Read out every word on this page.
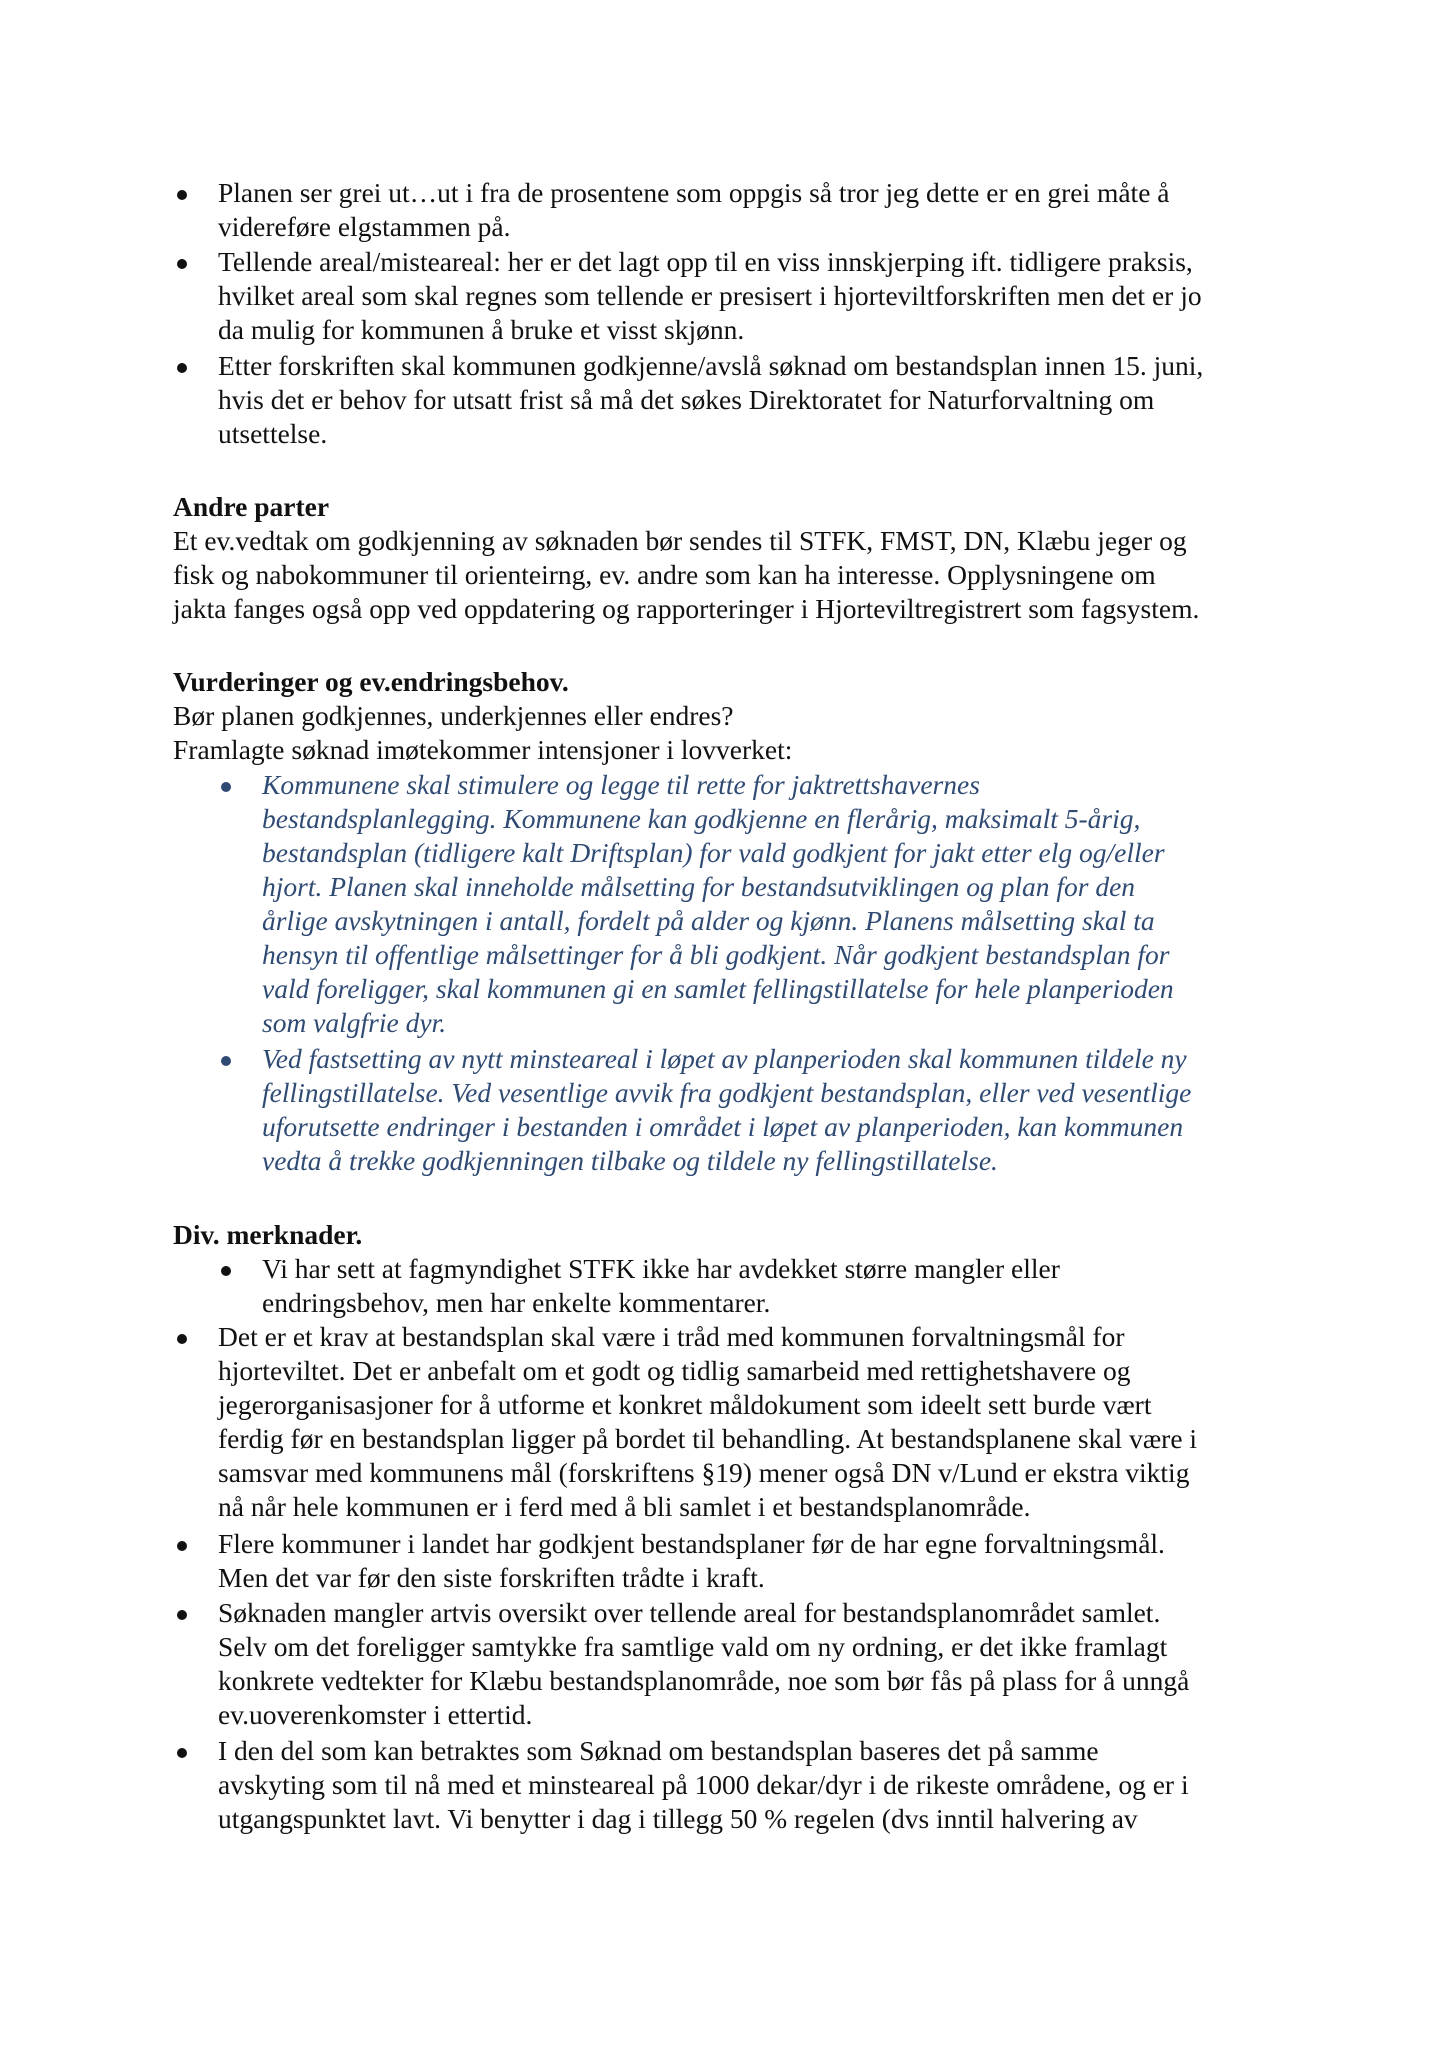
Planen ser grei ut…ut i fra de prosentene som oppgis så tror jeg dette er en grei måte å
videreføre elgstammen på.
Tellende areal/misteareal: her er det lagt opp til en viss innskjerping ift. tidligere praksis,
hvilket areal som skal regnes som tellende er presisert i hjorteviltforskriften men det er jo
da mulig for kommunen å bruke et visst skjønn.
Etter forskriften skal kommunen godkjenne/avslå søknad om bestandsplan innen 15. juni,
hvis det er behov for utsatt frist så må det søkes Direktoratet for Naturforvaltning om
utsettelse.
Andre parter
Et ev.vedtak om godkjenning av søknaden bør sendes til STFK, FMST, DN, Klæbu jeger og
fisk og nabokommuner til orienteirng, ev. andre som kan ha interesse. Opplysningene om
jakta fanges også opp ved oppdatering og rapporteringer i Hjorteviltregistrert som fagsystem.
Vurderinger og ev.endringsbehov.
Bør planen godkjennes, underkjennes eller endres?
Framlagte søknad imøtekommer intensjoner i lovverket:
Kommunene skal stimulere og legge til rette for jaktrettshavernes
bestandsplanlegging. Kommunene kan godkjenne en flerårig, maksimalt 5-årig,
bestandsplan (tidligere kalt Driftsplan) for vald godkjent for jakt etter elg og/eller
hjort. Planen skal inneholde målsetting for bestandsutviklingen og plan for den
årlige avskytningen i antall, fordelt på alder og kjønn. Planens målsetting skal ta
hensyn til offentlige målsettinger for å bli godkjent. Når godkjent bestandsplan for
vald foreligger, skal kommunen gi en samlet fellingstillatelse for hele planperioden
som valgfrie dyr.
Ved fastsetting av nytt minsteareal i løpet av planperioden skal kommunen tildele ny
fellingstillatelse. Ved vesentlige avvik fra godkjent bestandsplan, eller ved vesentlige
uforutsette endringer i bestanden i området i løpet av planperioden, kan kommunen
vedta å trekke godkjenningen tilbake og tildele ny fellingstillatelse.
Div. merknader.
Vi har sett at fagmyndighet STFK ikke har avdekket større mangler eller
endringsbehov, men har enkelte kommentarer.
Det er et krav at bestandsplan skal være i tråd med kommunen forvaltningsmål for
hjorteviltet. Det er anbefalt om et godt og tidlig samarbeid med rettighetshavere og
jegerorganisasjoner for å utforme et konkret måldokument som ideelt sett burde vært
ferdig før en bestandsplan ligger på bordet til behandling. At bestandsplanene skal være i
samsvar med kommunens mål (forskriftens §19) mener også DN v/Lund er ekstra viktig
nå når hele kommunen er i ferd med å bli samlet i et bestandsplanområde.
Flere kommuner i landet har godkjent bestandsplaner før de har egne forvaltningsmål.
Men det var før den siste forskriften trådte i kraft.
Søknaden mangler artvis oversikt over tellende areal for bestandsplanområdet samlet.
Selv om det foreligger samtykke fra samtlige vald om ny ordning, er det ikke framlagt
konkrete vedtekter for Klæbu bestandsplanområde, noe som bør fås på plass for å unngå
ev.uoverenkomster i ettertid.
I den del som kan betraktes som Søknad om bestandsplan baseres det på samme
avskyting som til nå med et minsteareal på 1000 dekar/dyr i de rikeste områdene, og er i
utgangspunktet lavt. Vi benytter i dag i tillegg 50 % regelen (dvs inntil halvering av
